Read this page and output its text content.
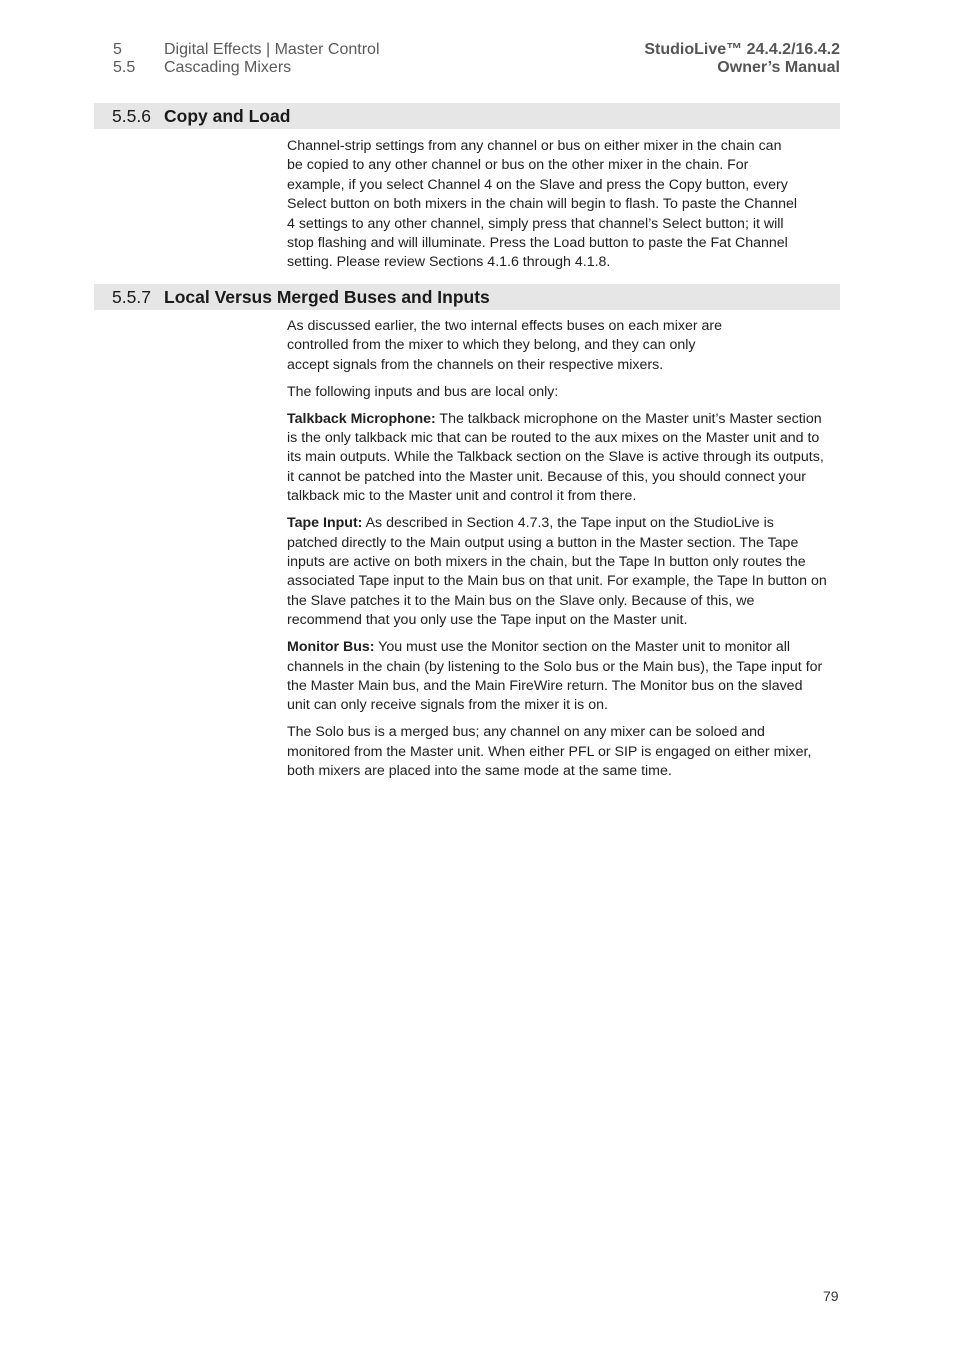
5	Digital Effects | Master Control
5.5	Cascading Mixers
StudioLive™ 24.4.2/16.4.2
Owner’s Manual
5.5.6 Copy and Load

Channel-strip settings from any channel or bus on either mixer in the chain can be copied to any other channel or bus on the other mixer in the chain. For example, if you select Channel 4 on the Slave and press the Copy button, every Select button on both mixers in the chain will begin to flash. To paste the Channel 4 settings to any other channel, simply press that channel’s Select button; it will stop flashing and will illuminate. Press the Load button to paste the Fat Channel setting. Please review Sections 4.1.6 through 4.1.8.

5.5.7 Local Versus Merged Buses and Inputs

As discussed earlier, the two internal effects buses on each mixer are controlled from the mixer to which they belong, and they can only accept signals from the channels on their respective mixers.

The following inputs and bus are local only:

Talkback Microphone: The talkback microphone on the Master unit’s Master section is the only talkback mic that can be routed to the aux mixes on the Master unit and to its main outputs. While the Talkback section on the Slave is active through its outputs, it cannot be patched into the Master unit. Because of this, you should connect your talkback mic to the Master unit and control it from there.

Tape Input: As described in Section 4.7.3, the Tape input on the StudioLive is patched directly to the Main output using a button in the Master section. The Tape inputs are active on both mixers in the chain, but the Tape In button only routes the associated Tape input to the Main bus on that unit. For example, the Tape In button on the Slave patches it to the Main bus on the Slave only. Because of this, we recommend that you only use the Tape input on the Master unit.

Monitor Bus: You must use the Monitor section on the Master unit to monitor all channels in the chain (by listening to the Solo bus or the Main bus), the Tape input for the Master Main bus, and the Main FireWire return. The Monitor bus on the slaved unit can only receive signals from the mixer it is on.

The Solo bus is a merged bus; any channel on any mixer can be soloed and monitored from the Master unit. When either PFL or SIP is engaged on either mixer, both mixers are placed into the same mode at the same time.

79
